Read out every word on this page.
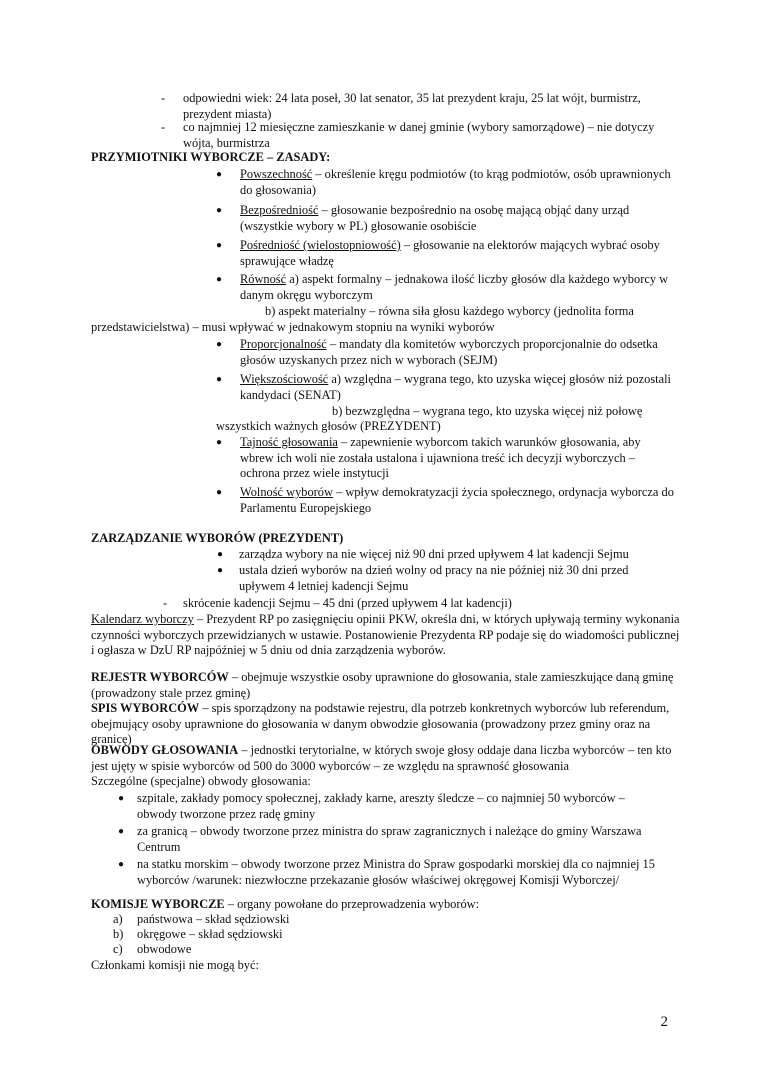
-	odpowiedni wiek: 24 lata poseł, 30 lat senator, 35 lat prezydent kraju, 25 lat wójt, burmistrz, prezydent miasta)
-	co najmniej 12 miesięczne zamieszkanie w danej gminie (wybory samorządowe) – nie dotyczy wójta, burmistrza
PRZYMIOTNIKI WYBORCZE – ZASADY:
●	Powszechność – określenie kręgu podmiotów (to krąg podmiotów, osób uprawnionych do głosowania)
●	Bezpośredniość – głosowanie bezpośrednio na osobę mającą objąć dany urząd (wszystkie wybory w PL) głosowanie osobiście
●	Pośredniość (wielostopniowość) – głosowanie na elektorów mających wybrać osoby sprawujące władzę
●	Równość a) aspekt formalny – jednakowa ilość liczby głosów dla każdego wyborcy w danym okręgu wyborczym
b) aspekt materialny – równa siła głosu każdego wyborcy (jednolita forma
przedstawicielstwa) – musi wpływać w jednakowym stopniu na wyniki wyborów
●	Proporcjonalność – mandaty dla komitetów wyborczych proporcjonalnie do odsetka głosów uzyskanych przez nich w wyborach (SEJM)
●	Większościowość a) względna – wygrana tego, kto uzyska więcej głosów niż pozostali kandydaci (SENAT)
b) bezwzględna – wygrana tego, kto uzyska więcej niż połowę
wszystkich ważnych głosów (PREZYDENT)
●	Tajność głosowania – zapewnienie wyborcom takich warunków głosowania, aby wbrew ich woli nie została ustalona i ujawniona treść ich decyzji wyborczych – ochrona przez wiele instytucji
●	Wolność wyborów – wpływ demokratyzacji życia społecznego, ordynacja wyborcza do Parlamentu Europejskiego
ZARZĄDZANIE WYBORÓW (PREZYDENT)
●	zarządza wybory na nie więcej niż 90 dni przed upływem 4 lat kadencji Sejmu
●	ustala dzień wyborów na dzień wolny od pracy na nie później niż 30 dni przed upływem 4 letniej kadencji Sejmu
-	skrócenie kadencji Sejmu – 45 dni (przed upływem 4 lat kadencji)
Kalendarz wyborczy – Prezydent RP po zasięgnięciu opinii PKW, określa dni, w których upływają terminy wykonania czynności wyborczych przewidzianych w ustawie. Postanowienie Prezydenta RP podaje się do wiadomości publicznej i ogłasza w DzU RP najpóźniej w 5 dniu od dnia zarządzenia wyborów.
REJESTR WYBORCÓW – obejmuje wszystkie osoby uprawnione do głosowania, stale zamieszkujące daną gminę (prowadzony stale przez gminę)
SPIS WYBORCÓW – spis sporządzony na podstawie rejestru, dla potrzeb konkretnych wyborców lub referendum, obejmujący osoby uprawnione do głosowania w danym obwodzie głosowania (prowadzony przez gminy oraz na granicę)
OBWODY GŁOSOWANIA – jednostki terytorialne, w których swoje głosy oddaje dana liczba wyborców – ten kto jest ujęty w spisie wyborców od 500 do 3000 wyborców – ze względu na sprawność głosowania
Szczególne (specjalne) obwody głosowania:
●	szpitale, zakłady pomocy społecznej, zakłady karne, areszty śledcze – co najmniej 50 wyborców – obwody tworzone przez radę gminy
●	za granicą – obwody tworzone przez ministra do spraw zagranicznych i należące do gminy Warszawa Centrum
●	na statku morskim – obwody tworzone przez Ministra do Spraw gospodarki morskiej dla co najmniej 15 wyborców /warunek: niezwłoczne przekazanie głosów właściwej okręgowej Komisji Wyborczej/
KOMISJE WYBORCZE – organy powołane do przeprowadzenia wyborów:
a)	państwowa – skład sędziowski
b)	okręgowe – skład sędziowski
c)	obwodowe
Członkami komisji nie mogą być:
2
